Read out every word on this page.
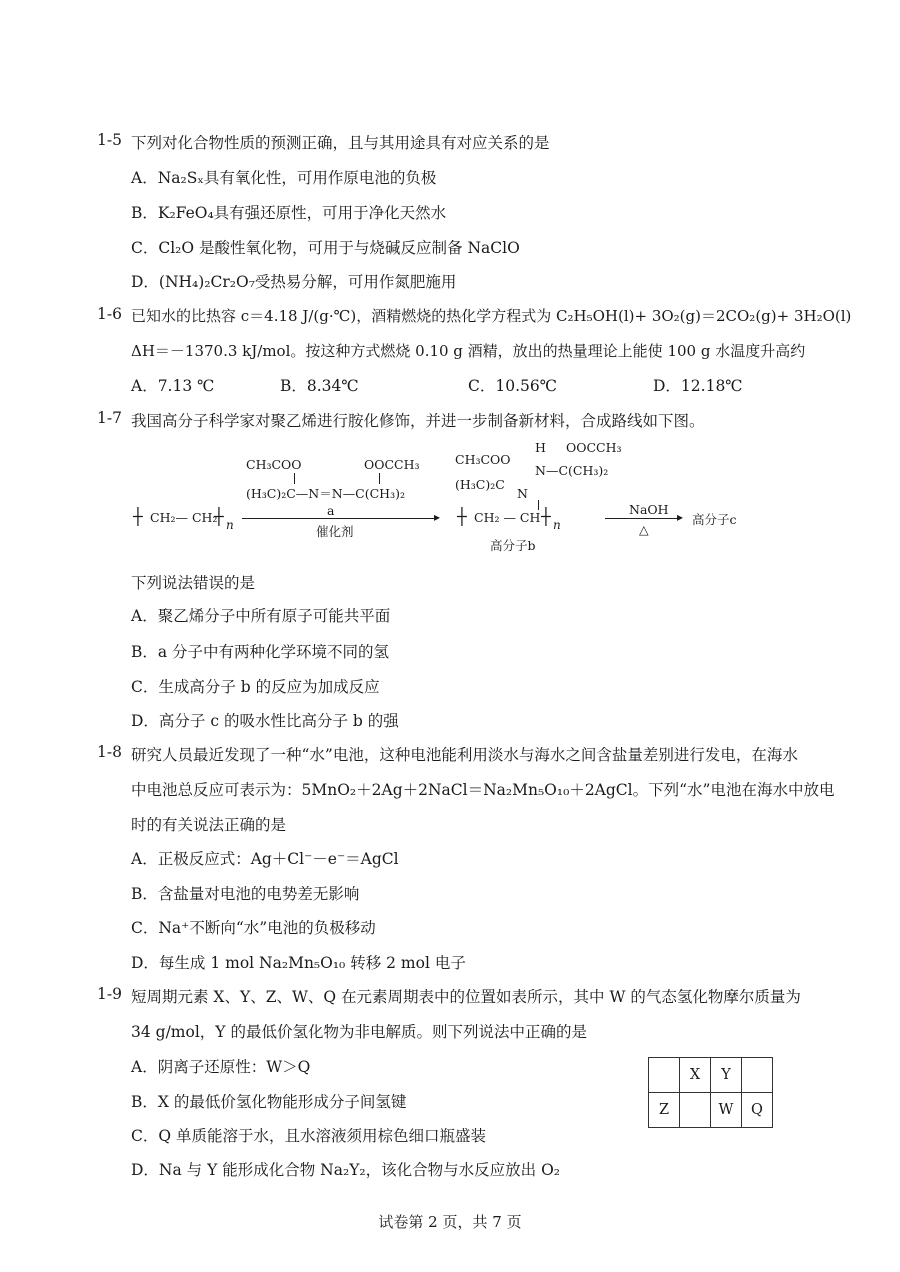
1-5 下列对化合物性质的预测正确，且与其用途具有对应关系的是
A．Na₂Sₓ具有氧化性，可用作原电池的负极
B．K₂FeO₄具有强还原性，可用于净化天然水
C．Cl₂O 是酸性氧化物，可用于与烧碱反应制备 NaClO
D．(NH₄)₂Cr₂O₇受热易分解，可用作氮肥施用
1-6 已知水的比热容 c＝4.18 J/(g·℃)，酒精燃烧的热化学方程式为 C₂H₅OH(l)+ 3O₂(g)＝2CO₂(g)+ 3H₂O(l)
ΔH＝－1370.3 kJ/mol。按这种方式燃烧 0.10 g 酒精，放出的热量理论上能使 100 g 水温度升高约
A．7.13 ℃	B．8.34℃	C．10.56℃	D．12.18℃
1-7 我国高分子科学家对聚乙烯进行胺化修饰，并进一步制备新材料，合成路线如下图。
CH₃COO	OOCCH₃
(H₃C)₂C—N＝N—C(CH₃)₂
┼ CH₂— CH₂
┼ n
a	▸
催化剂
H OOCCH₃
CH₃COO
N—C(CH₃)₂
(H₃C)₂C
N
┼ CH₂ — CH ┼ n
高分子b
NaOH ▸
△
高分子c
下列说法错误的是
A．聚乙烯分子中所有原子可能共平面
B．a 分子中有两种化学环境不同的氢
C．生成高分子 b 的反应为加成反应
D．高分子 c 的吸水性比高分子 b 的强
1-8 研究人员最近发现了一种“水”电池，这种电池能利用淡水与海水之间含盐量差别进行发电，在海水
中电池总反应可表示为：5MnO₂＋2Ag＋2NaCl＝Na₂Mn₅O₁₀＋2AgCl。下列“水”电池在海水中放电
时的有关说法正确的是
A．正极反应式：Ag＋Cl⁻－e⁻＝AgCl
B．含盐量对电池的电势差无影响
C．Na⁺不断向“水”电池的负极移动
D．每生成 1 mol Na₂Mn₅O₁₀ 转移 2 mol 电子
1-9 短周期元素 X、Y、Z、W、Q 在元素周期表中的位置如表所示，其中 W 的气态氢化物摩尔质量为
34 g/mol，Y 的最低价氢化物为非电解质。则下列说法中正确的是
A．阴离子还原性：W＞Q
B．X 的最低价氢化物能形成分子间氢键
C．Q 单质能溶于水，且水溶液须用棕色细口瓶盛装
D．Na 与 Y 能形成化合物 Na₂Y₂，该化合物与水反应放出 O₂
	X	Y	
Z		W	Q
试卷第 2 页，共 7 页
